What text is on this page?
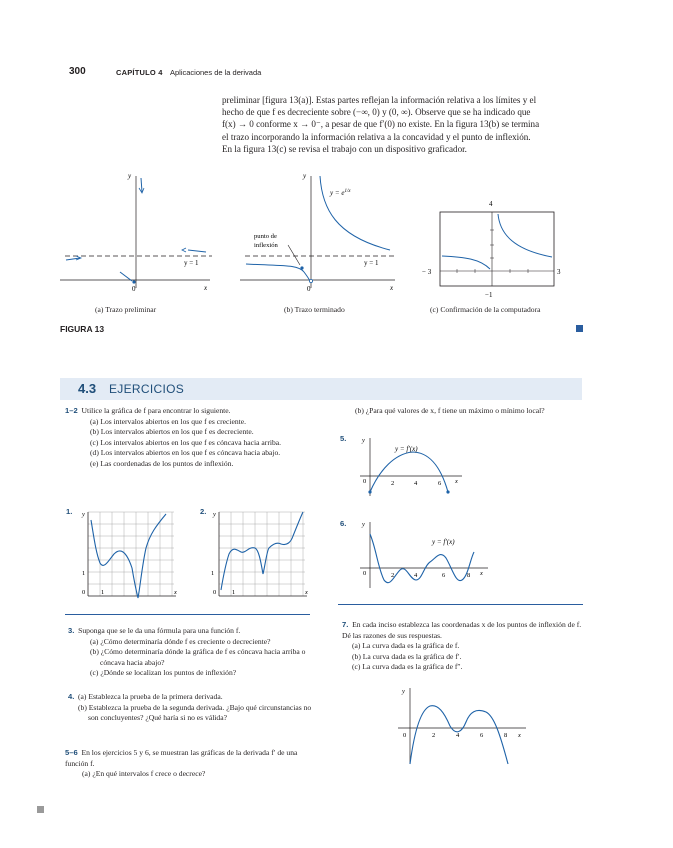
300	CAPÍTULO 4 Aplicaciones de la derivada
preliminar [figura 13(a)]. Estas partes reflejan la información relativa a los límites y el
hecho de que f es decreciente sobre (−∞, 0) y (0, ∞). Observe que se ha indicado que
f(x) → 0 conforme x → 0⁻, a pesar de que f′(0) no existe. En la figura 13(b) se termina
el trazo incorporando la información relativa a la concavidad y el punto de inflexión.
En la figura 13(c) se revisa el trabajo con un dispositivo graficador.
y
x
0
y = 1
(a) Trazo preliminar
punto de
inflexión
$y = e^{1/x}$
y
x
0
y = 1
(b) Trazo terminado
4
− 3	3
−1
(c) Confirmación de la computadora
FIGURA 13
4.3 EJERCICIOS
1–2 Utilice la gráfica de f para encontrar lo siguiente.
(a) Los intervalos abiertos en los que f es creciente.
(b) Los intervalos abiertos en los que f es decreciente.
(c) Los intervalos abiertos en los que f es cóncava hacia arriba.
(d) Los intervalos abiertos en los que f es cóncava hacia abajo.
(e) Las coordenadas de los puntos de inflexión.
1. y
x
0 1
1
2. y
x
0 1
1
(b) ¿Para qué valores de x, f tiene un máximo o mínimo local?
5.
y = f′(x)
y
x
0	2	4	6
6.
y = f′(x)
y
x
0	2	4	6	8
3. Suponga que se le da una fórmula para una función f.
(a) ¿Cómo determinaría dónde f es creciente o decreciente?
(b) ¿Cómo determinaría dónde la gráfica de f es cóncava hacia arriba o cóncava hacia abajo?
(c) ¿Dónde se localizan los puntos de inflexión?
4. (a) Establezca la prueba de la primera derivada.
(b) Establezca la prueba de la segunda derivada. ¿Bajo qué circunstancias no son concluyentes? ¿Qué haría si no es válida?
5–6 En los ejercicios 5 y 6, se muestran las gráficas de la derivada f′ de una función f.
(a) ¿En qué intervalos f crece o decrece?
7. En cada inciso establezca las coordenadas x de los puntos de inflexión de f. Dé las razones de sus respuestas.
(a) La curva dada es la gráfica de f.
(b) La curva dada es la gráfica de f′.
(c) La curva dada es la gráfica de f″.
y
x
0	2	4	6	8
